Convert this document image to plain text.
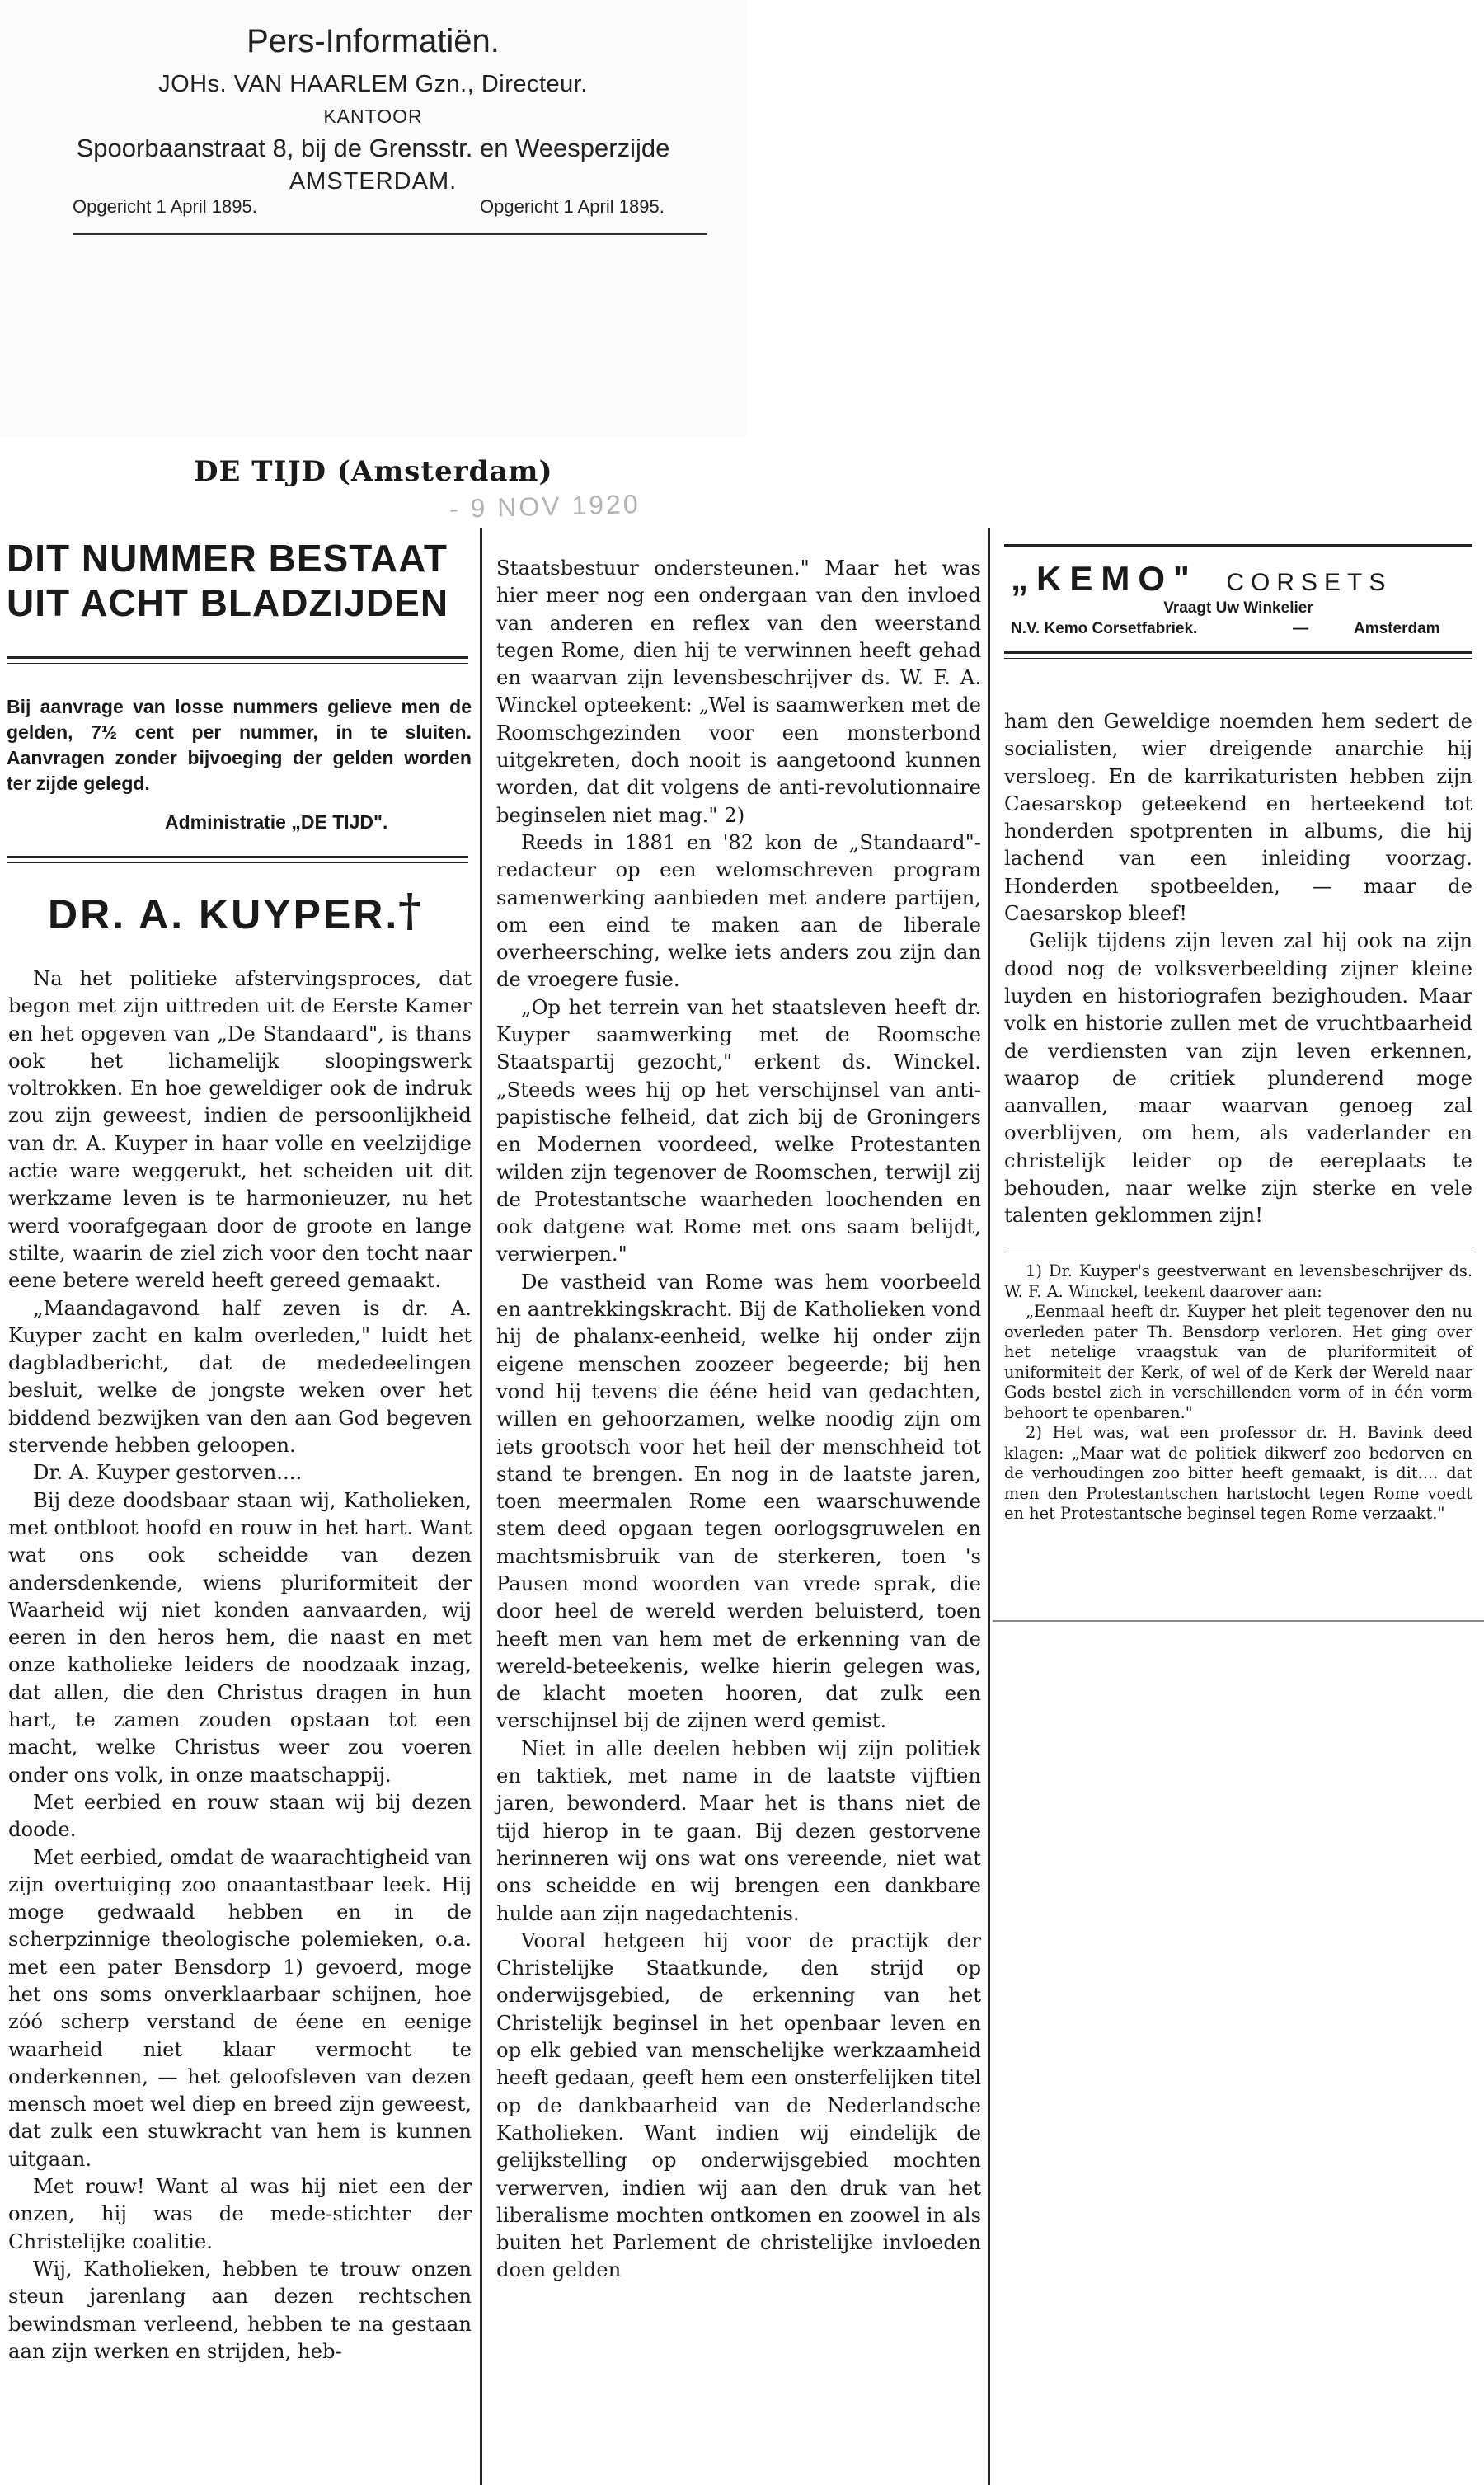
Pers-Informatiën.
JOHs. VAN HAARLEM Gzn., Directeur.
KANTOOR
Spoorbaanstraat 8, bij de Grensstr. en Weesperzijde
AMSTERDAM.
Opgericht 1 April 1895.	Opgericht 1 April 1895.
DE TIJD (Amsterdam)
- 9 NOV 1920
DIT NUMMER BESTAAT
UIT ACHT BLADZIJDEN
Bij aanvrage van losse nummers gelieve men de gelden, 7½ cent per nummer, in te sluiten. Aanvragen zonder bijvoeging der gelden worden ter zijde gelegd.
Administratie „DE TIJD".
DR. A. KUYPER.
†

Na het politieke afstervingsproces, dat begon met zijn uittreden uit de Eerste Kamer en het opgeven van „De Standaard", is thans ook het lichamelijk sloopingswerk voltrokken. En hoe geweldiger ook de indruk zou zijn geweest, indien de persoonlijkheid van dr. A. Kuyper in haar volle en veelzijdige actie ware weggerukt, het scheiden uit dit werkzame leven is te harmonieuzer, nu het werd voorafgegaan door de groote en lange stilte, waarin de ziel zich voor den tocht naar eene betere wereld heeft gereed gemaakt.

„Maandagavond half zeven is dr. A. Kuyper zacht en kalm overleden," luidt het dagbladbericht, dat de mededeelingen besluit, welke de jongste weken over het biddend bezwijken van den aan God begeven stervende hebben geloopen.

Dr. A. Kuyper gestorven....

Bij deze doodsbaar staan wij, Katholieken, met ontbloot hoofd en rouw in het hart. Want wat ons ook scheidde van dezen andersdenkende, wiens pluriformiteit der Waarheid wij niet konden aanvaarden, wij eeren in den heros hem, die naast en met onze katholieke leiders de noodzaak inzag, dat allen, die den Christus dragen in hun hart, te zamen zouden opstaan tot een macht, welke Christus weer zou voeren onder ons volk, in onze maatschappij.

Met eerbied en rouw staan wij bij dezen doode.

Met eerbied, omdat de waarachtigheid van zijn overtuiging zoo onaantastbaar leek. Hij moge gedwaald hebben en in de scherpzinnige theologische polemieken, o.a. met een pater Bensdorp 1) gevoerd, moge het ons soms onverklaarbaar schijnen, hoe zóó scherp verstand de éene en eenige waarheid niet klaar vermocht te onderkennen, — het geloofsleven van dezen mensch moet wel diep en breed zijn geweest, dat zulk een stuwkracht van hem is kunnen uitgaan.

Met rouw! Want al was hij niet een der onzen, hij was de mede-stichter der Christelijke coalitie.

Wij, Katholieken, hebben te trouw onzen steun jarenlang aan dezen rechtschen bewindsman verleend, hebben te na gestaan aan zijn werken en strijden, heb-

Staatsbestuur ondersteunen." Maar het was hier meer nog een ondergaan van den invloed van anderen en reflex van den weerstand tegen Rome, dien hij te verwinnen heeft gehad en waarvan zijn levensbeschrijver ds. W. F. A. Winckel opteekent: „Wel is saamwerken met de Roomschgezinden voor een monsterbond uitgekreten, doch nooit is aangetoond kunnen worden, dat dit volgens de anti-revolutionnaire beginselen niet mag." 2)

Reeds in 1881 en '82 kon de „Standaard"-redacteur op een welomschreven program samenwerking aanbieden met andere partijen, om een eind te maken aan de liberale overheersching, welke iets anders zou zijn dan de vroegere fusie.

„Op het terrein van het staatsleven heeft dr. Kuyper saamwerking met de Roomsche Staatspartij gezocht," erkent ds. Winckel. „Steeds wees hij op het verschijnsel van anti-papistische felheid, dat zich bij de Groningers en Modernen voordeed, welke Protestanten wilden zijn tegenover de Roomschen, terwijl zij de Protestantsche waarheden loochenden en ook datgene wat Rome met ons saam belijdt, verwierpen."

De vastheid van Rome was hem voorbeeld en aantrekkingskracht. Bij de Katholieken vond hij de phalanx-eenheid, welke hij onder zijn eigene menschen zoozeer begeerde; bij hen vond hij tevens die ééne heid van gedachten, willen en gehoorzamen, welke noodig zijn om iets grootsch voor het heil der menschheid tot stand te brengen. En nog in de laatste jaren, toen meermalen Rome een waarschuwende stem deed opgaan tegen oorlogsgruwelen en machtsmisbruik van de sterkeren, toen 's Pausen mond woorden van vrede sprak, die door heel de wereld werden beluisterd, toen heeft men van hem met de erkenning van de wereld-beteekenis, welke hierin gelegen was, de klacht moeten hooren, dat zulk een verschijnsel bij de zijnen werd gemist.

Niet in alle deelen hebben wij zijn politiek en taktiek, met name in de laatste vijftien jaren, bewonderd. Maar het is thans niet de tijd hierop in te gaan. Bij dezen gestorvene herinneren wij ons wat ons vereende, niet wat ons scheidde en wij brengen een dankbare hulde aan zijn nagedachtenis.

Vooral hetgeen hij voor de practijk der Christelijke Staatkunde, den strijd op onderwijsgebied, de erkenning van het Christelijk beginsel in het openbaar leven en op elk gebied van menschelijke werkzaamheid heeft gedaan, geeft hem een onsterfelijken titel op de dankbaarheid van de Nederlandsche Katholieken. Want indien wij eindelijk de gelijkstelling op onderwijsgebied mochten verwerven, indien wij aan den druk van het liberalisme mochten ontkomen en zoowel in als buiten het Parlement de christelijke invloeden doen gelden

„KEMO" CORSETS
Vraagt Uw Winkelier
N.V. Kemo Corsetfabriek.	—	Amsterdam

ham den Geweldige noemden hem sedert de socialisten, wier dreigende anarchie hij versloeg. En de karrikaturisten hebben zijn Caesarskop geteekend en herteekend tot honderden spotprenten in albums, die hij lachend van een inleiding voorzag. Honderden spotbeelden, — maar de Caesarskop bleef!

Gelijk tijdens zijn leven zal hij ook na zijn dood nog de volksverbeelding zijner kleine luyden en historiografen bezighouden. Maar volk en historie zullen met de vruchtbaarheid de verdiensten van zijn leven erkennen, waarop de critiek plunderend moge aanvallen, maar waarvan genoeg zal overblijven, om hem, als vaderlander en christelijk leider op de eereplaats te behouden, naar welke zijn sterke en vele talenten geklommen zijn!

1) Dr. Kuyper's geestverwant en levensbeschrijver ds. W. F. A. Winckel, teekent daarover aan:

„Eenmaal heeft dr. Kuyper het pleit tegenover den nu overleden pater Th. Bensdorp verloren. Het ging over het netelige vraagstuk van de pluriformiteit of uniformiteit der Kerk, of wel of de Kerk der Wereld naar Gods bestel zich in verschillenden vorm of in één vorm behoort te openbaren."

2) Het was, wat een professor dr. H. Bavink deed klagen: „Maar wat de politiek dikwerf zoo bedorven en de verhoudingen zoo bitter heeft gemaakt, is dit.... dat men den Protestantschen hartstocht tegen Rome voedt en het Protestantsche beginsel tegen Rome verzaakt."
